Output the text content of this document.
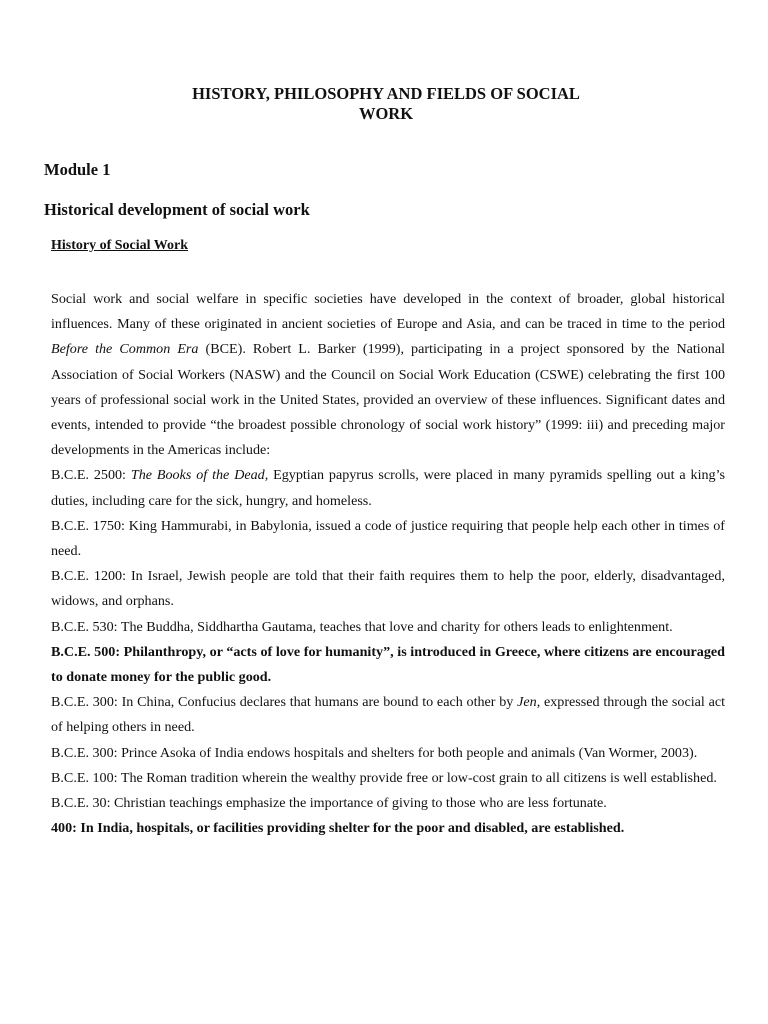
HISTORY, PHILOSOPHY AND FIELDS OF SOCIAL
WORK
Module 1
Historical development of social work
History of Social Work

Social work and social welfare in specific societies have developed in the context of broader, global historical influences. Many of these originated in ancient societies of Europe and Asia, and can be traced in time to the period Before the Common Era (BCE). Robert L. Barker (1999), participating in a project sponsored by the National Association of Social Workers (NASW) and the Council on Social Work Education (CSWE) celebrating the first 100 years of professional social work in the United States, provided an overview of these influences. Significant dates and events, intended to provide “the broadest possible chronology of social work history” (1999: iii) and preceding major developments in the Americas include:

B.C.E. 2500: The Books of the Dead, Egyptian papyrus scrolls, were placed in many pyramids spelling out a king’s duties, including care for the sick, hungry, and homeless.

B.C.E. 1750: King Hammurabi, in Babylonia, issued a code of justice requiring that people help each other in times of need.

B.C.E. 1200: In Israel, Jewish people are told that their faith requires them to help the poor, elderly, disadvantaged, widows, and orphans.

B.C.E. 530: The Buddha, Siddhartha Gautama, teaches that love and charity for others leads to enlightenment.

B.C.E. 500: Philanthropy, or “acts of love for humanity”, is introduced in Greece, where citizens are encouraged to donate money for the public good.

B.C.E. 300: In China, Confucius declares that humans are bound to each other by Jen, expressed through the social act of helping others in need.

B.C.E. 300: Prince Asoka of India endows hospitals and shelters for both people and animals (Van Wormer, 2003).

B.C.E. 100: The Roman tradition wherein the wealthy provide free or low-cost grain to all citizens is well established.

B.C.E. 30: Christian teachings emphasize the importance of giving to those who are less fortunate.

400: In India, hospitals, or facilities providing shelter for the poor and disabled, are established.
